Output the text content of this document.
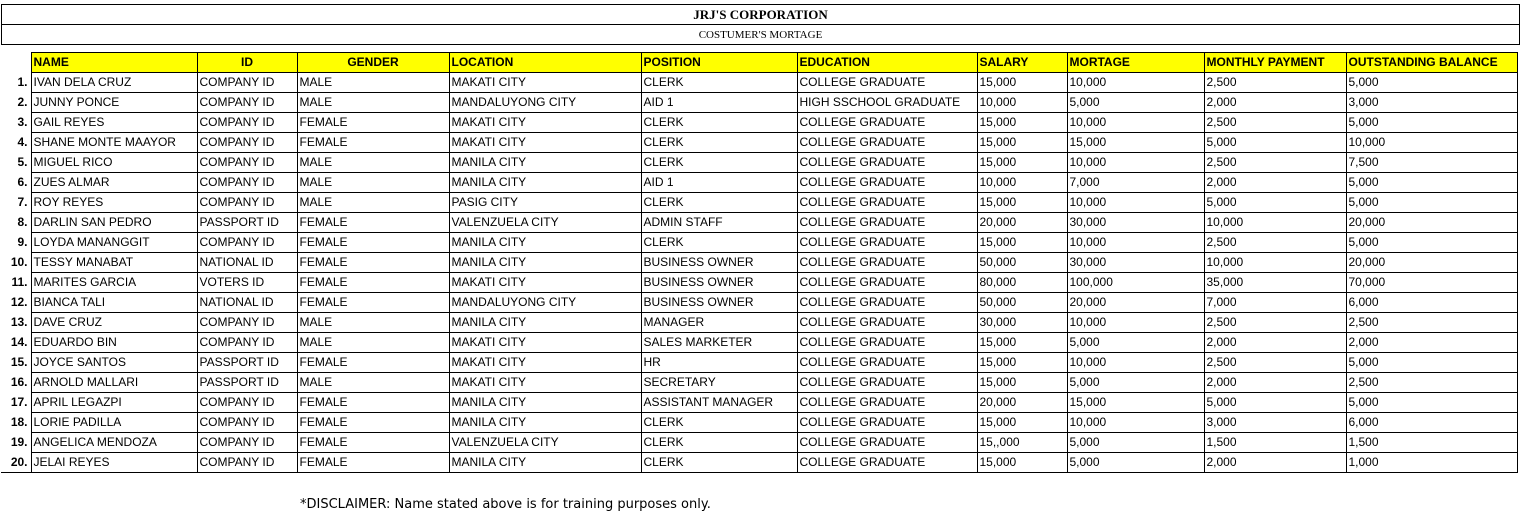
JRJ'S CORPORATION
COSTUMER'S MORTAGE
	NAME	ID	GENDER	LOCATION	POSITION	EDUCATION	SALARY	MORTAGE	MONTHLY PAYMENT	OUTSTANDING BALANCE
1.	IVAN DELA CRUZ	COMPANY ID	MALE	MAKATI CITY	CLERK	COLLEGE GRADUATE	15,000	10,000	2,500	5,000
2.	JUNNY PONCE	COMPANY ID	MALE	MANDALUYONG CITY	AID 1	HIGH SSCHOOL GRADUATE	10,000	5,000	2,000	3,000
3.	GAIL REYES	COMPANY ID	FEMALE	MAKATI CITY	CLERK	COLLEGE GRADUATE	15,000	10,000	2,500	5,000
4.	SHANE MONTE MAAYOR	COMPANY ID	FEMALE	MAKATI CITY	CLERK	COLLEGE GRADUATE	15,000	15,000	5,000	10,000
5.	MIGUEL RICO	COMPANY ID	MALE	MANILA CITY	CLERK	COLLEGE GRADUATE	15,000	10,000	2,500	7,500
6.	ZUES ALMAR	COMPANY ID	MALE	MANILA CITY	AID 1	COLLEGE GRADUATE	10,000	7,000	2,000	5,000
7.	ROY REYES	COMPANY ID	MALE	PASIG CITY	CLERK	COLLEGE GRADUATE	15,000	10,000	5,000	5,000
8.	DARLIN SAN PEDRO	PASSPORT ID	FEMALE	VALENZUELA CITY	ADMIN STAFF	COLLEGE GRADUATE	20,000	30,000	10,000	20,000
9.	LOYDA MANANGGIT	COMPANY ID	FEMALE	MANILA CITY	CLERK	COLLEGE GRADUATE	15,000	10,000	2,500	5,000
10.	TESSY MANABAT	NATIONAL ID	FEMALE	MANILA CITY	BUSINESS OWNER	COLLEGE GRADUATE	50,000	30,000	10,000	20,000
11.	MARITES GARCIA	VOTERS ID	FEMALE	MAKATI CITY	BUSINESS OWNER	COLLEGE GRADUATE	80,000	100,000	35,000	70,000
12.	BIANCA TALI	NATIONAL ID	FEMALE	MANDALUYONG CITY	BUSINESS OWNER	COLLEGE GRADUATE	50,000	20,000	7,000	6,000
13.	DAVE CRUZ	COMPANY ID	MALE	MANILA CITY	MANAGER	COLLEGE GRADUATE	30,000	10,000	2,500	2,500
14.	EDUARDO BIN	COMPANY ID	MALE	MAKATI CITY	SALES MARKETER	COLLEGE GRADUATE	15,000	5,000	2,000	2,000
15.	JOYCE SANTOS	PASSPORT ID	FEMALE	MAKATI CITY	HR	COLLEGE GRADUATE	15,000	10,000	2,500	5,000
16.	ARNOLD MALLARI	PASSPORT ID	MALE	MAKATI CITY	SECRETARY	COLLEGE GRADUATE	15,000	5,000	2,000	2,500
17.	APRIL LEGAZPI	COMPANY ID	FEMALE	MANILA CITY	ASSISTANT MANAGER	COLLEGE GRADUATE	20,000	15,000	5,000	5,000
18.	LORIE PADILLA	COMPANY ID	FEMALE	MANILA CITY	CLERK	COLLEGE GRADUATE	15,000	10,000	3,000	6,000
19.	ANGELICA MENDOZA	COMPANY ID	FEMALE	VALENZUELA CITY	CLERK	COLLEGE GRADUATE	15,,000	5,000	1,500	1,500
20.	JELAI REYES	COMPANY ID	FEMALE	MANILA CITY	CLERK	COLLEGE GRADUATE	15,000	5,000	2,000	1,000
*DISCLAIMER: Name stated above is for training purposes only.
